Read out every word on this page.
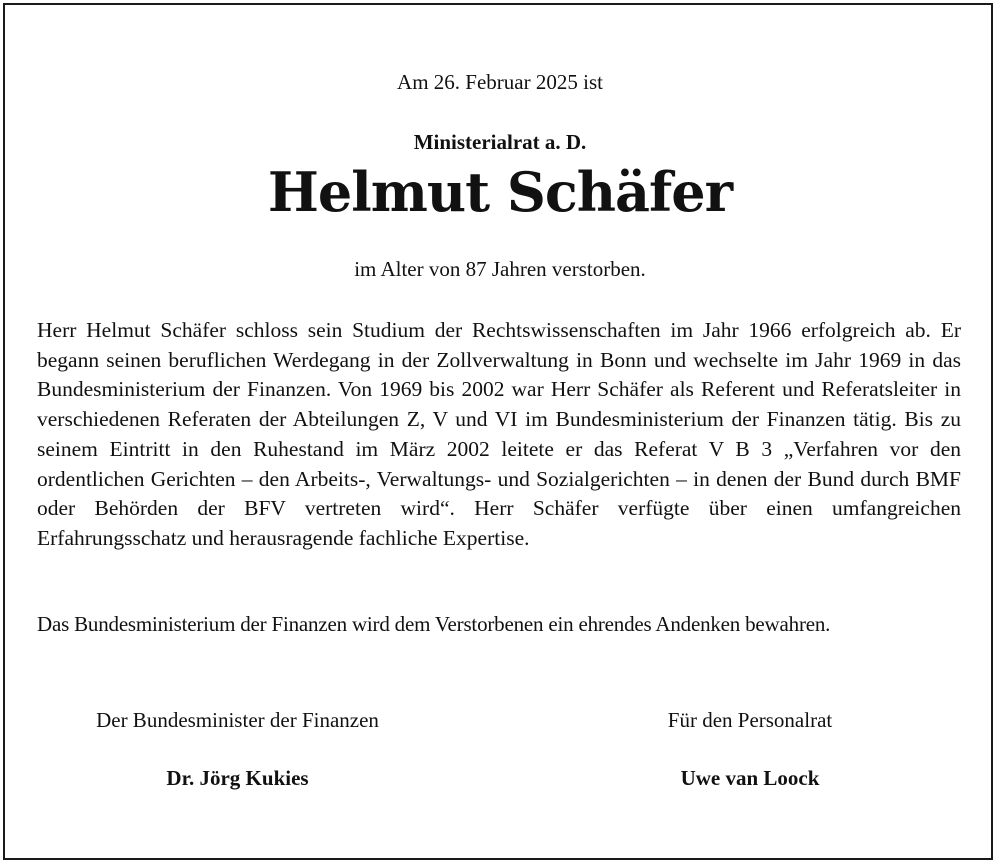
Am 26. Februar 2025 ist
Ministerialrat a. D.
Helmut Schäfer
im Alter von 87 Jahren verstorben.
Herr Helmut Schäfer schloss sein Studium der Rechtswissenschaften im Jahr 1966 erfolgreich ab. Er begann seinen beruflichen Werdegang in der Zollverwaltung in Bonn und wechselte im Jahr 1969 in das Bundesministerium der Finanzen. Von 1969 bis 2002 war Herr Schäfer als Referent und Referatsleiter in verschiedenen Referaten der Abteilungen Z, V und VI im Bundesministerium der Finanzen tätig. Bis zu seinem Eintritt in den Ruhestand im März 2002 leitete er das Referat V B 3 „Verfahren vor den ordentlichen Gerichten – den Arbeits-, Verwaltungs- und Sozialgerichten – in denen der Bund durch BMF oder Behörden der BFV vertreten wird“. Herr Schäfer verfügte über einen umfangreichen Erfahrungsschatz und herausragende fachliche Expertise.
Das Bundesministerium der Finanzen wird dem Verstorbenen ein ehrendes Andenken bewahren.
Der Bundesminister der Finanzen
Dr. Jörg Kukies
Für den Personalrat
Uwe van Loock
